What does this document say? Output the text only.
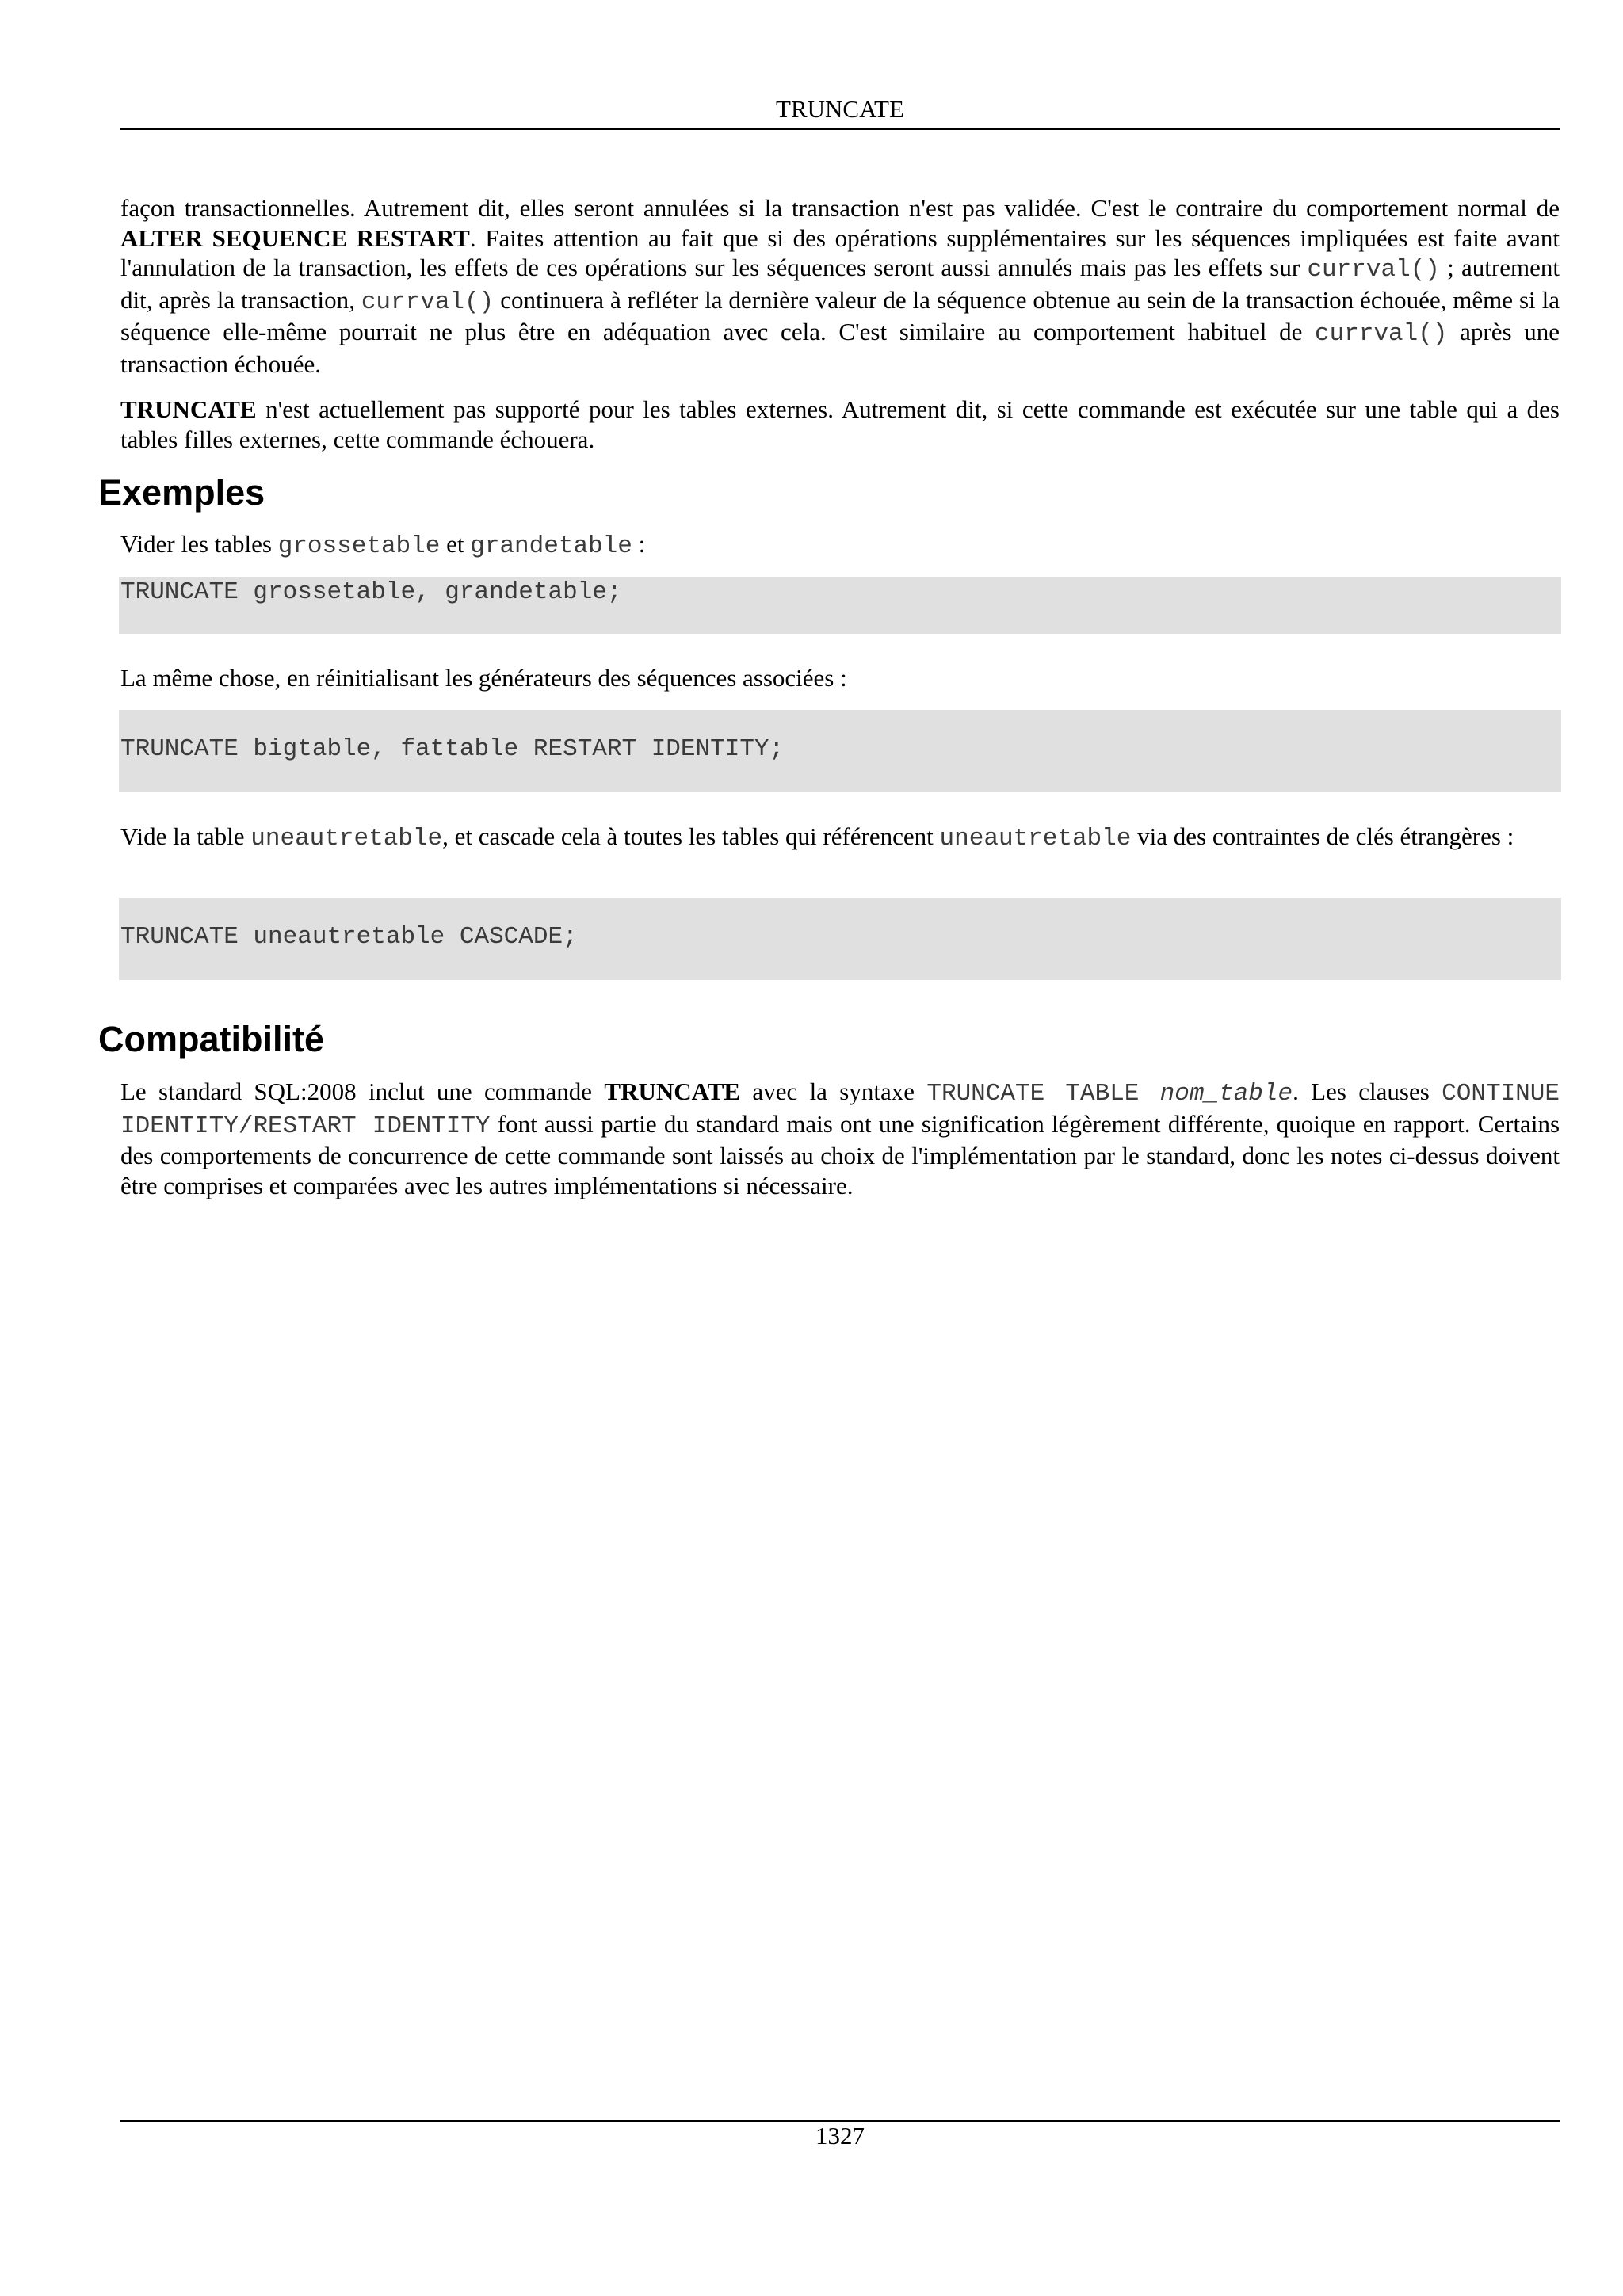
TRUNCATE

façon transactionnelles. Autrement dit, elles seront annulées si la transaction n'est pas validée. C'est le contraire du comportement normal de ALTER SEQUENCE RESTART. Faites attention au fait que si des opérations supplémentaires sur les séquences impliquées est faite avant l'annulation de la transaction, les effets de ces opérations sur les séquences seront aussi annulés mais pas les effets sur currval() ; autrement dit, après la transaction, currval() continuera à refléter la dernière valeur de la séquence obtenue au sein de la transaction échouée, même si la séquence elle-même pourrait ne plus être en adéquation avec cela. C'est similaire au comportement habituel de currval() après une transaction échouée.

TRUNCATE n'est actuellement pas supporté pour les tables externes. Autrement dit, si cette commande est exécutée sur une table qui a des tables filles externes, cette commande échouera.

Exemples

Vider les tables grossetable et grandetable :

TRUNCATE grossetable, grandetable;

La même chose, en réinitialisant les générateurs des séquences associées :

TRUNCATE bigtable, fattable RESTART IDENTITY;

Vide la table uneautretable, et cascade cela à toutes les tables qui référencent uneautretable via des contraintes de clés étrangères :

TRUNCATE uneautretable CASCADE;
Compatibilité

Le standard SQL:2008 inclut une commande TRUNCATE avec la syntaxe TRUNCATE TABLE nom_table. Les clauses CONTINUE IDENTITY/RESTART IDENTITY font aussi partie du standard mais ont une signification légèrement différente, quoique en rapport. Certains des comportements de concurrence de cette commande sont laissés au choix de l'implémentation par le standard, donc les notes ci-dessus doivent être comprises et comparées avec les autres implémentations si nécessaire.

1327
